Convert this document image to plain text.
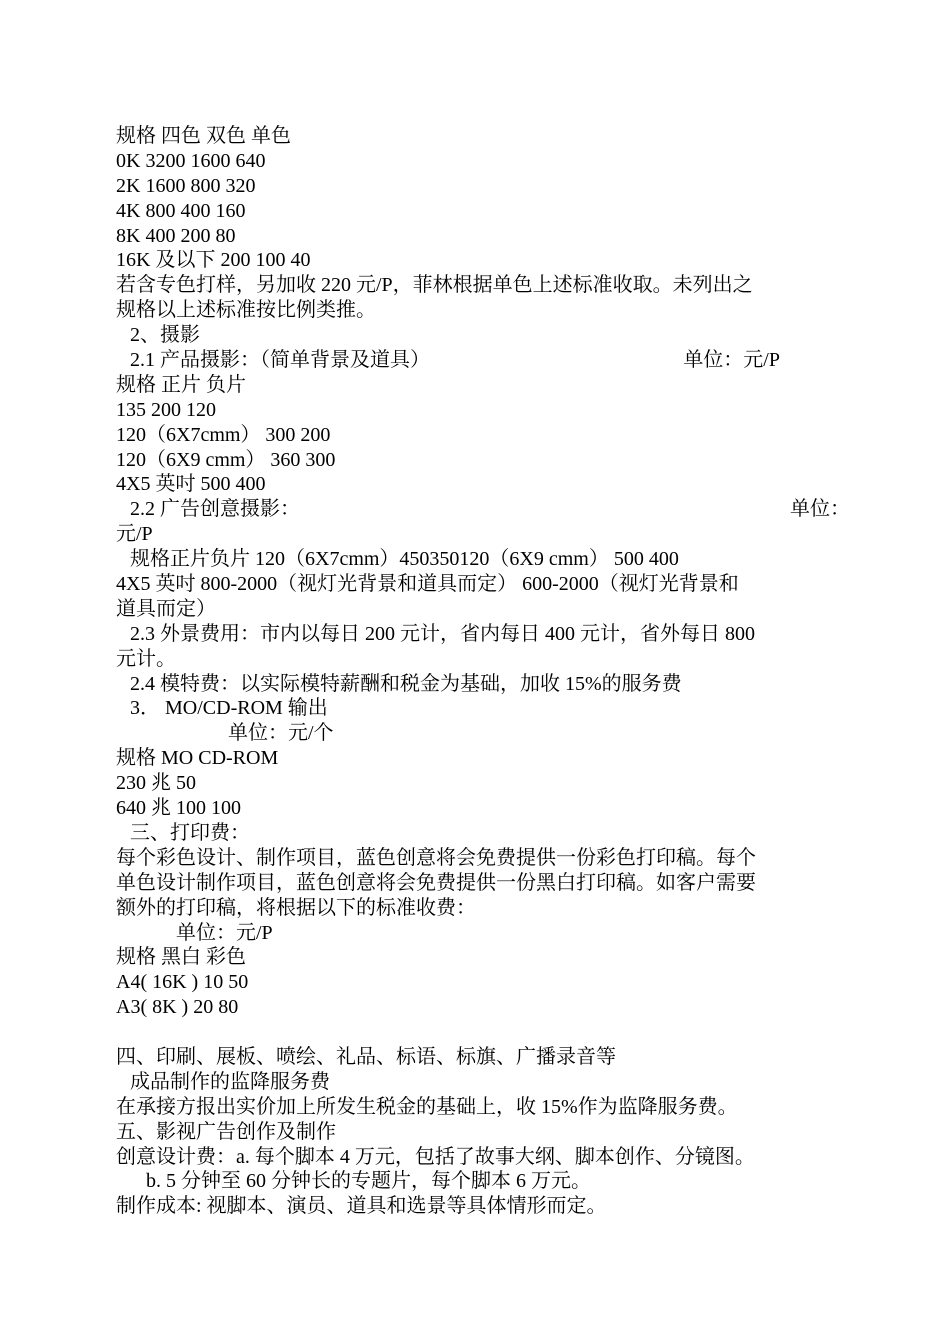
规格 四色 双色 单色
0K 3200 1600 640
2K 1600 800 320
4K 800 400 160
8K 400 200 80
16K 及以下 200 100 40
若含专色打样，另加收 220 元/P，菲林根据单色上述标准收取。未列出之
规格以上述标准按比例类推。
2、摄影
2.1 产品摄影：（简单背景及道具）	单位：元/P
规格 正片 负片
135 200 120
120（6X7cmm） 300 200
120（6X9 cmm） 360 300
4X5 英吋 500 400
2.2 广告创意摄影：	单位：
元/P
规格正片负片 120（6X7cmm）450350120（6X9 cmm） 500 400
4X5 英吋 800-2000（视灯光背景和道具而定） 600-2000（视灯光背景和
道具而定）
2.3 外景费用：市内以每日 200 元计，省内每日 400 元计，省外每日 800
元计。
2.4 模特费：以实际模特薪酬和税金为基础，加收 15%的服务费
3． MO/CD-ROM 输出
单位：元/个
规格 MO CD-ROM
230 兆 50
640 兆 100 100
三、打印费：
每个彩色设计、制作项目，蓝色创意将会免费提供一份彩色打印稿。每个
单色设计制作项目，蓝色创意将会免费提供一份黑白打印稿。如客户需要
额外的打印稿，将根据以下的标准收费：
单位：元/P
规格 黑白 彩色
A4( 16K ) 10 50
A3( 8K ) 20 80
四、印刷、展板、喷绘、礼品、标语、标旗、广播录音等
成品制作的监降服务费
在承接方报出实价加上所发生税金的基础上，收 15%作为监降服务费。
五、影视广告创作及制作
创意设计费：a. 每个脚本 4 万元，包括了故事大纲、脚本创作、分镜图。
b. 5 分钟至 60 分钟长的专题片，每个脚本 6 万元。
制作成本: 视脚本、演员、道具和选景等具体情形而定。
